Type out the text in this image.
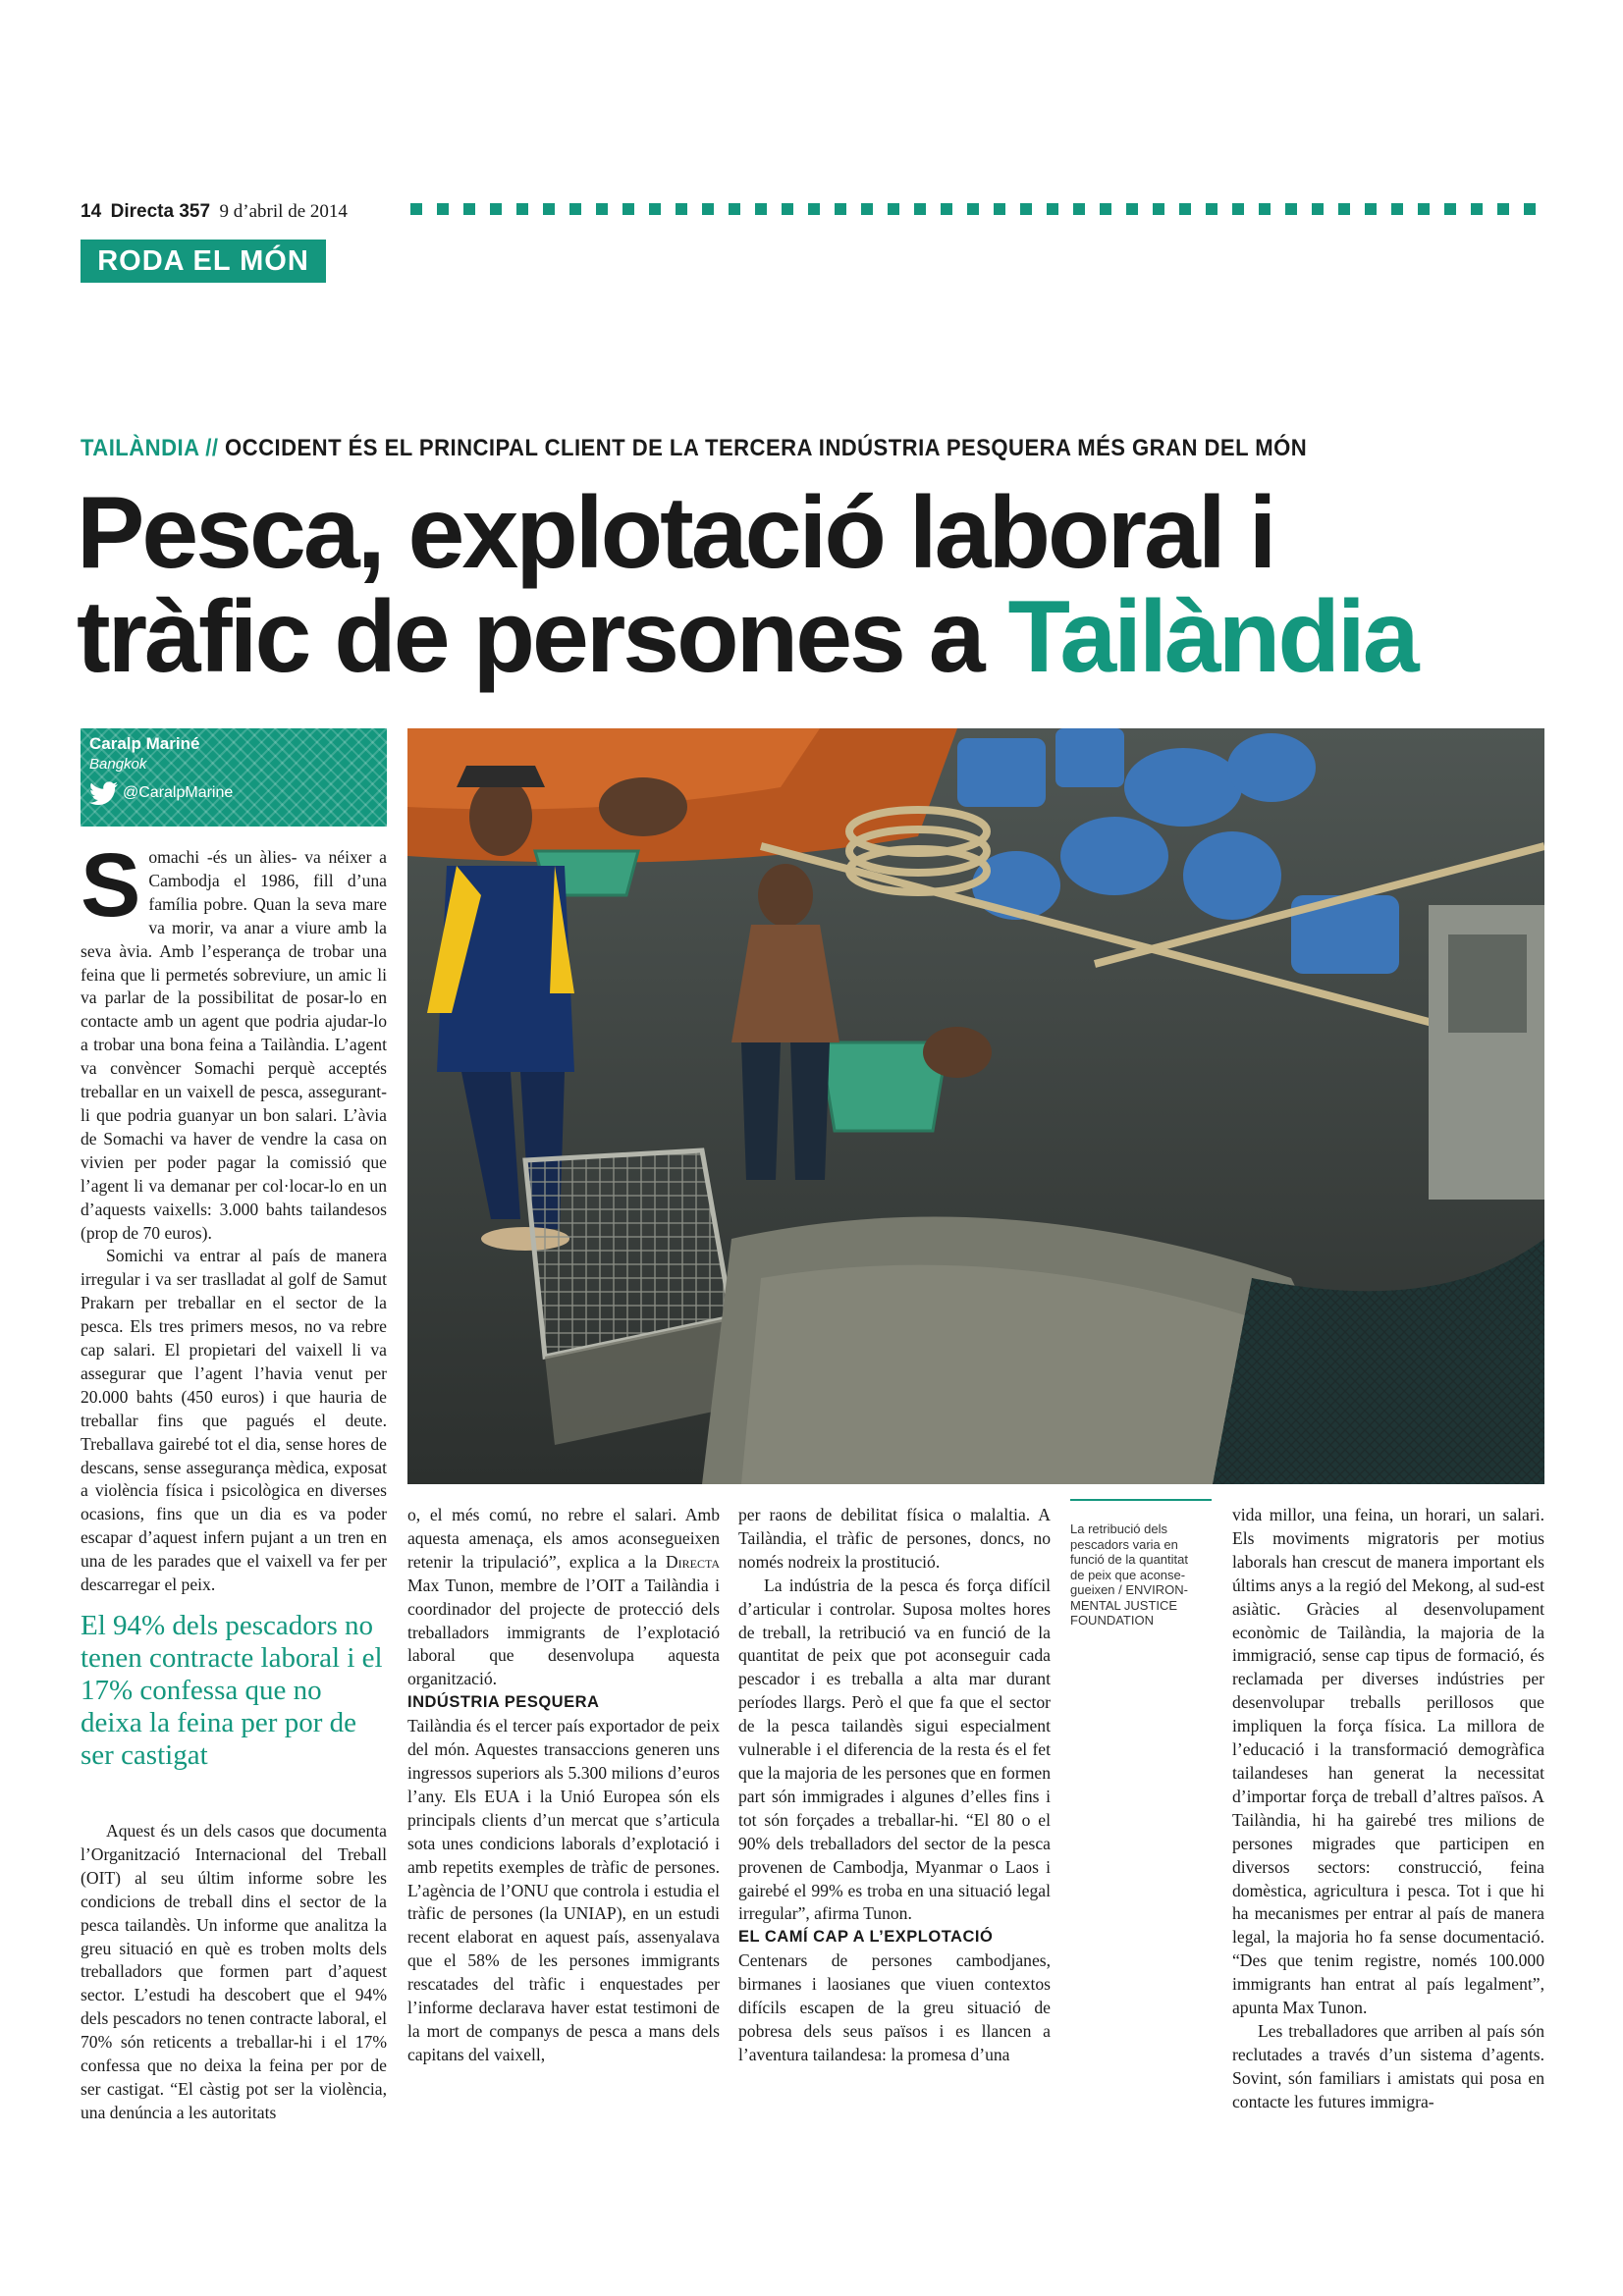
14 Directa 357 9 d’abril de 2014
RODA EL MÓN
TAILÀNDIA // OCCIDENT ÉS EL PRINCIPAL CLIENT DE LA TERCERA INDÚSTRIA PESQUERA MÉS GRAN DEL MÓN
Pesca, explotació laboral i
tràfic de persones a Tailàndia
Caralp Mariné
Bangkok
@CaralpMarine
La retribució dels pescadors varia en funció de la quantitat de peix que aconse-gueixen / ENVIRON-MENTAL JUSTICE FOUNDATION

Somachi -és un àlies- va néixer a Cambodja el 1986, fill d’una família pobre. Quan la seva mare va morir, va anar a viure amb la seva àvia. Amb l’esperança de trobar una feina que li permetés sobreviure, un amic li va parlar de la possibilitat de posar-lo en contacte amb un agent que podria ajudar-lo a trobar una bona feina a Tailàndia. L’agent va convèncer Somachi perquè acceptés treballar en un vaixell de pesca, assegurant-li que podria guanyar un bon salari. L’àvia de Somachi va haver de vendre la casa on vivien per poder pagar la comissió que l’agent li va demanar per col·locar-lo en un d’aquests vaixells: 3.000 bahts tailandesos (prop de 70 euros).

Somichi va entrar al país de manera irregular i va ser traslladat al golf de Samut Prakarn per treballar en el sector de la pesca. Els tres primers mesos, no va rebre cap salari. El propietari del vaixell li va assegurar que l’agent l’havia venut per 20.000 bahts (450 euros) i que hauria de treballar fins que pagués el deute. Treballava gairebé tot el dia, sense hores de descans, sense assegurança mèdica, exposat a violència física i psicològica en diverses ocasions, fins que un dia es va poder escapar d’aquest infern pujant a un tren en una de les parades que el vaixell va fer per descarregar el peix.

El 94% dels pescadors no tenen contracte laboral i el 17% confessa que no deixa la feina per por de ser castigat

Aquest és un dels casos que documenta l’Organització Internacional del Treball (OIT) al seu últim informe sobre les condicions de treball dins el sector de la pesca tailandès. Un informe que analitza la greu situació en què es troben molts dels treballadors que formen part d’aquest sector. L’estudi ha descobert que el 94% dels pescadors no tenen contracte laboral, el 70% són reticents a treballar-hi i el 17% confessa que no deixa la feina per por de ser castigat. “El càstig pot ser la violència, una denúncia a les autoritats

o, el més comú, no rebre el salari. Amb aquesta amenaça, els amos aconsegueixen retenir la tripulació”, explica a la Directa Max Tunon, membre de l’OIT a Tailàndia i coordinador del projecte de protecció dels treballadors immigrants de l’explotació laboral que desenvolupa aquesta organització.

INDÚSTRIA PESQUERA

Tailàndia és el tercer país exportador de peix del món. Aquestes transaccions generen uns ingressos superiors als 5.300 milions d’euros l’any. Els EUA i la Unió Europea són els principals clients d’un mercat que s’articula sota unes condicions laborals d’explotació i amb repetits exemples de tràfic de persones. L’agència de l’ONU que controla i estudia el tràfic de persones (la UNIAP), en un estudi recent elaborat en aquest país, assenyalava que el 58% de les persones immigrants rescatades del tràfic i enquestades per l’informe declarava haver estat testimoni de la mort de companys de pesca a mans dels capitans del vaixell,

per raons de debilitat física o malaltia. A Tailàndia, el tràfic de persones, doncs, no només nodreix la prostitució.

La indústria de la pesca és força difícil d’articular i controlar. Suposa moltes hores de treball, la retribució va en funció de la quantitat de peix que pot aconseguir cada pescador i es treballa a alta mar durant períodes llargs. Però el que fa que el sector de la pesca tailandès sigui especialment vulnerable i el diferencia de la resta és el fet que la majoria de les persones que en formen part són immigrades i algunes d’elles fins i tot són forçades a treballar-hi. “El 80 o el 90% dels treballadors del sector de la pesca provenen de Cambodja, Myanmar o Laos i gairebé el 99% es troba en una situació legal irregular”, afirma Tunon.

EL CAMÍ CAP A L’EXPLOTACIÓ

Centenars de persones cambodjanes, birmanes i laosianes que viuen contextos difícils escapen de la greu situació de pobresa dels seus països i es llancen a l’aventura tailandesa: la promesa d’una

vida millor, una feina, un horari, un salari. Els moviments migratoris per motius laborals han crescut de manera important els últims anys a la regió del Mekong, al sud-est asiàtic. Gràcies al desenvolupament econòmic de Tailàndia, la majoria de la immigració, sense cap tipus de formació, és reclamada per diverses indústries per desenvolupar treballs perillosos que impliquen la força física. La millora de l’educació i la transformació demogràfica tailandeses han generat la necessitat d’importar força de treball d’altres països. A Tailàndia, hi ha gairebé tres milions de persones migrades que participen en diversos sectors: construcció, feina domèstica, agricultura i pesca. Tot i que hi ha mecanismes per entrar al país de manera legal, la majoria ho fa sense documentació. “Des que tenim registre, només 100.000 immigrants han entrat al país legalment”, apunta Max Tunon.

Les treballadores que arriben al país són reclutades a través d’un sistema d’agents. Sovint, són familiars i amistats qui posa en contacte les futures immigra-
